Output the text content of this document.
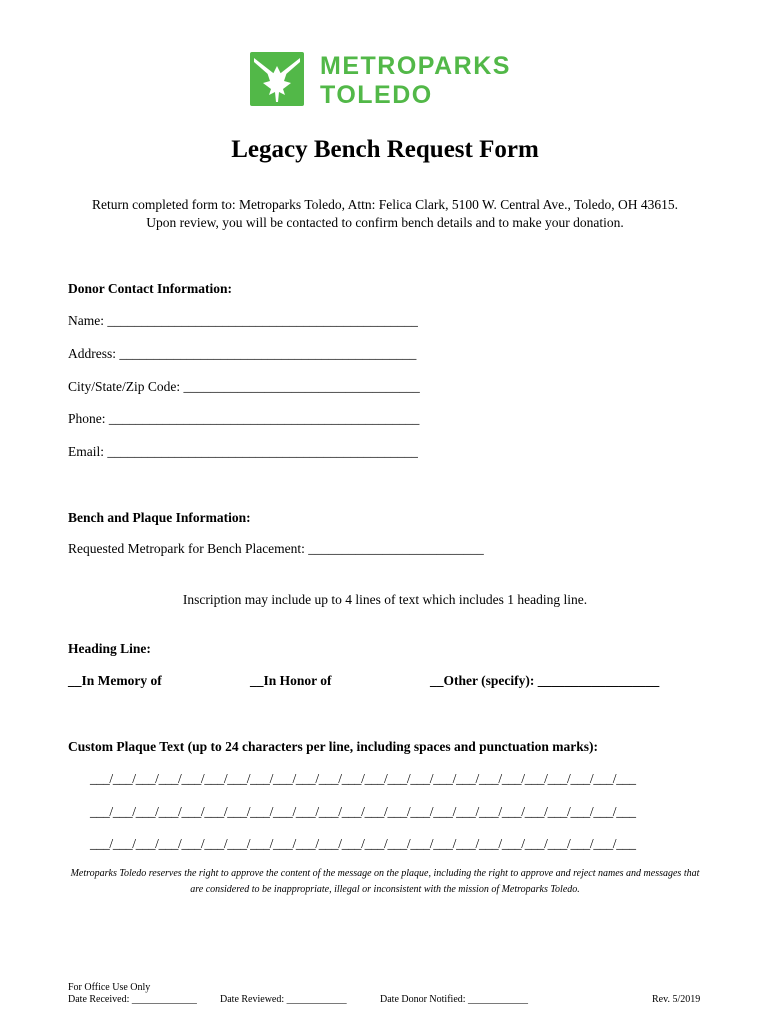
METROPARKS
TOLEDO
Legacy Bench Request Form
Return completed form to: Metroparks Toledo, Attn: Felica Clark, 5100 W. Central Ave., Toledo, OH 43615.
Upon review, you will be contacted to confirm bench details and to make your donation.
Donor Contact Information:
Name: ______________________________________________
Address: ____________________________________________
City/State/Zip Code: ___________________________________
Phone: ______________________________________________
Email: ______________________________________________
Bench and Plaque Information:
Requested Metropark for Bench Placement: __________________________
Inscription may include up to 4 lines of text which includes 1 heading line.
Heading Line:
__In Memory of	__In Honor of	__Other (specify): __________________
Custom Plaque Text (up to 24 characters per line, including spaces and punctuation marks):
___/___/___/___/___/___/___/___/___/___/___/___/___/___/___/___/___/___/___/___/___/___/___/___
___/___/___/___/___/___/___/___/___/___/___/___/___/___/___/___/___/___/___/___/___/___/___/___
___/___/___/___/___/___/___/___/___/___/___/___/___/___/___/___/___/___/___/___/___/___/___/___
Metroparks Toledo reserves the right to approve the content of the message on the plaque, including the right to approve and reject names and messages that are considered to be inappropriate, illegal or inconsistent with the mission of Metroparks Toledo.
For Office Use Only
Date Received: _____________ Date Reviewed: ____________	Date Donor Notified: ____________	Rev. 5/2019
